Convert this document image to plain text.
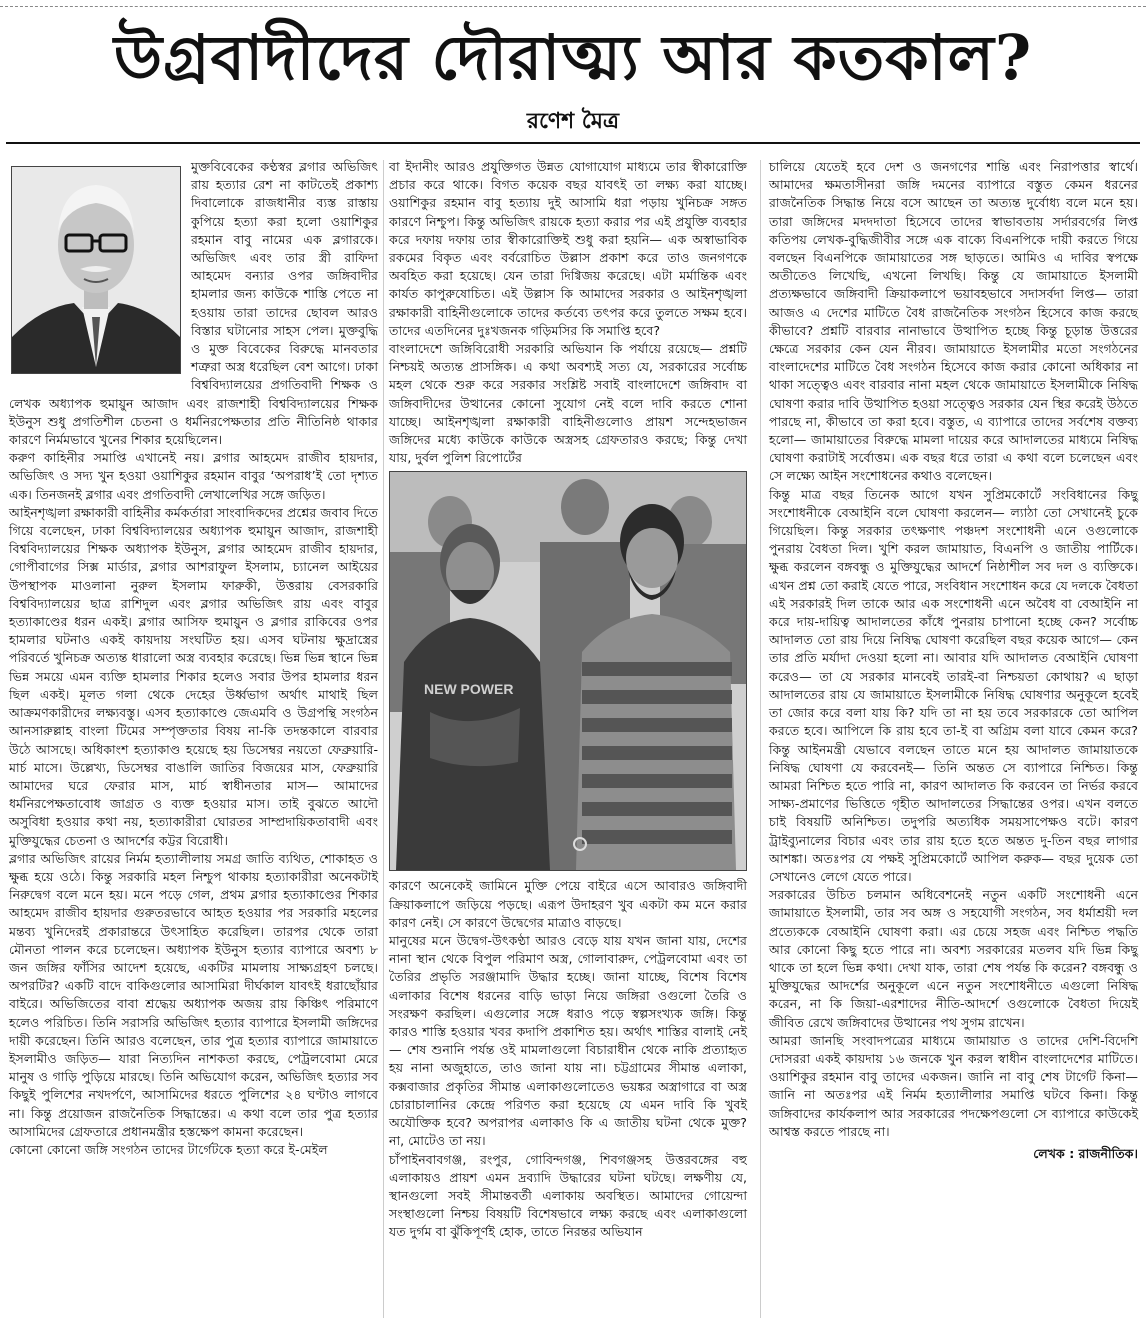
উগ্রবাদীদের দৌরাত্ম্য আর কতকাল?
রণেশ মৈত্র

মুক্তবিবেকের কণ্ঠস্বর ব্লগার অভিজিৎ রায় হত্যার রেশ না কাটতেই প্রকাশ্য দিবালোকে রাজধানীর ব্যস্ত রাস্তায় কুপিয়ে হত্যা করা হলো ওয়াশিকুর রহমান বাবু নামের এক ব্লগারকে। অভিজিৎ এবং তার স্ত্রী রাফিদা আহমেদ বন্যার ওপর জঙ্গিবাদীর হামলার জন্য কাউকে শাস্তি পেতে না হওয়ায় তারা তাদের ছোবল আরও বিস্তার ঘটানোর সাহস পেল। মুক্তবুদ্ধি ও মুক্ত বিবেকের বিরুদ্ধে মানবতার শত্রুরা অস্ত্র ধরেছিল বেশ আগে। ঢাকা বিশ্ববিদ্যালয়ের প্রগতিবাদী শিক্ষক ও লেখক অধ্যাপক হুমায়ুন আজাদ এবং রাজশাহী বিশ্ববিদ্যালয়ের শিক্ষক ইউনুস শুধু প্রগতিশীল চেতনা ও ধর্মনিরপেক্ষতার প্রতি নীতিনিষ্ঠ থাকার কারণে নির্মমভাবে খুনের শিকার হয়েছিলেন।

করুণ কাহিনীর সমাপ্তি এখানেই নয়। ব্লগার আহমেদ রাজীব হায়দার, অভিজিৎ ও সদ্য খুন হওয়া ওয়াশিকুর রহমান বাবুর ‘অপরাধ’ই তো দৃশ্যত এক। তিনজনই ব্লগার এবং প্রগতিবাদী লেখালেখির সঙ্গে জড়িত।

আইনশৃঙ্খলা রক্ষাকারী বাহিনীর কর্মকর্তারা সাংবাদিকদের প্রশ্নের জবাব দিতে গিয়ে বলেছেন, ঢাকা বিশ্ববিদ্যালয়ের অধ্যাপক হুমায়ুন আজাদ, রাজশাহী বিশ্ববিদ্যালয়ের শিক্ষক অধ্যাপক ইউনুস, ব্লগার আহমেদ রাজীব হায়দার, গোপীবাগের সিক্স মার্ডার, ব্লগার আশরাফুল ইসলাম, চ্যানেল আইয়ের উপস্থাপক মাওলানা নুরুল ইসলাম ফারুকী, উত্তরায় বেসরকারি বিশ্ববিদ্যালয়ের ছাত্র রাশিদুল এবং ব্লগার অভিজিৎ রায় এবং বাবুর হত্যাকাণ্ডের ধরন একই। ব্লগার আসিফ হুমায়ুন ও ব্লগার রাকিবের ওপর হামলার ঘটনাও একই কায়দায় সংঘটিত হয়। এসব ঘটনায় ক্ষুদ্রাস্ত্রের পরিবর্তে খুনিচক্র অত্যন্ত ধারালো অস্ত্র ব্যবহার করেছে। ভিন্ন ভিন্ন স্থানে ভিন্ন ভিন্ন সময়ে এমন ব্যক্তি হামলার শিকার হলেও সবার উপর হামলার ধরন ছিল একই। মূলত গলা থেকে দেহের উর্ধ্বভাগ অর্থাৎ মাথাই ছিল আক্রমণকারীদের লক্ষ্যবস্তু। এসব হত্যাকাণ্ডে জেএমবি ও উগ্রপন্থি সংগঠন আনসারুল্লাহ বাংলা টিমের সম্পৃক্ততার বিষয় না-কি তদন্তকালে বারবার উঠে আসছে। অধিকাংশ হত্যাকাণ্ড হয়েছে হয় ডিসেম্বর নয়তো ফেব্রুয়ারি-মার্চ মাসে। উল্লেখ্য, ডিসেম্বর বাঙালি জাতির বিজয়ের মাস, ফেব্রুয়ারি আমাদের ঘরে ফেরার মাস, মার্চ স্বাধীনতার মাস— আমাদের ধর্মনিরপেক্ষতাবোধ জাগ্রত ও ব্যক্ত হওয়ার মাস। তাই বুঝতে আদৌ অসুবিধা হওয়ার কথা নয়, হত্যাকারীরা ঘোরতর সাম্প্রদায়িকতাবাদী এবং মুক্তিযুদ্ধের চেতনা ও আদর্শের কট্টর বিরোধী।

ব্লগার অভিজিৎ রায়ের নির্মম হত্যালীলায় সমগ্র জাতি ব্যথিত, শোকাহত ও ক্ষুব্ধ হয়ে ওঠে। কিন্তু সরকারি মহল নিশ্চুপ থাকায় হত্যাকারীরা অনেকটাই নিরুদ্বেগ বলে মনে হয়। মনে পড়ে গেল, প্রথম ব্লগার হত্যাকাণ্ডের শিকার আহমেদ রাজীব হায়দার গুরুতরভাবে আহত হওয়ার পর সরকারি মহলের মন্তব্য খুনিদেরই প্রকারান্তরে উৎসাহিত করেছিল। তারপর থেকে তারা মৌনতা পালন করে চলেছেন। অধ্যাপক ইউনুস হত্যার ব্যাপারে অবশ্য ৮ জন জঙ্গির ফাঁসির আদেশ হয়েছে, একটির মামলায় সাক্ষ্যগ্রহণ চলছে। অপরটির? একটি বাদে বাকিগুলোর আসামিরা দীর্ঘকাল যাবৎই ধরাছোঁয়ার বাইরে। অভিজিতের বাবা শ্রদ্ধেয় অধ্যাপক অজয় রায় কিঞ্চিৎ পরিমাণে হলেও পরিচিত। তিনি সরাসরি অভিজিৎ হত্যার ব্যাপারে ইসলামী জঙ্গিদের দায়ী করেছেন। তিনি আরও বলেছেন, তার পুত্র হত্যার ব্যাপারে জামায়াতে ইসলামীও জড়িত— যারা নিত্যদিন নাশকতা করছে, পেট্রলবোমা মেরে মানুষ ও গাড়ি পুড়িয়ে মারছে। তিনি অভিযোগ করেন, অভিজিৎ হত্যার সব কিছুই পুলিশের নখদর্পণে, আসামিদের ধরতে পুলিশের ২৪ ঘণ্টাও লাগবে না। কিন্তু প্রয়োজন রাজনৈতিক সিদ্ধান্তের। এ কথা বলে তার পুত্র হত্যার আসামিদের গ্রেফতারে প্রধানমন্ত্রীর হস্তক্ষেপ কামনা করেছেন।

কোনো কোনো জঙ্গি সংগঠন তাদের টার্গেটকে হত্যা করে ই-মেইল

বা ইদানীং আরও প্রযুক্তিগত উন্নত যোগাযোগ মাধ্যমে তার স্বীকারোক্তি প্রচার করে থাকে। বিগত কয়েক বছর যাবৎই তা লক্ষ্য করা যাচ্ছে। ওয়াশিকুর রহমান বাবু হত্যায় দুই আসামি ধরা পড়ায় খুনিচক্র সঙ্গত কারণে নিশ্চুপ। কিন্তু অভিজিৎ রায়কে হত্যা করার পর এই প্রযুক্তি ব্যবহার করে দফায় দফায় তার স্বীকারোক্তিই শুধু করা হয়নি— এক অস্বাভাবিক রকমের বিকৃত এবং বর্বরোচিত উল্লাস প্রকাশ করে তাও জনগণকে অবহিত করা হয়েছে। যেন তারা দিগ্বিজয় করেছে। এটা মর্মান্তিক এবং কার্যত কাপুরুষোচিত। এই উল্লাস কি আমাদের সরকার ও আইনশৃঙ্খলা রক্ষাকারী বাহিনীগুলোকে তাদের কর্তব্যে তৎপর করে তুলতে সক্ষম হবে। তাদের এতদিনের দুঃখজনক গড়িমসির কি সমাপ্তি হবে?

বাংলাদেশে জঙ্গিবিরোধী সরকারি অভিযান কি পর্যায়ে রয়েছে— প্রশ্নটি নিশ্চয়ই অত্যন্ত প্রাসঙ্গিক। এ কথা অবশ্যই সত্য যে, সরকারের সর্বোচ্চ মহল থেকে শুরু করে সরকার সংশ্লিষ্ট সবাই বাংলাদেশে জঙ্গিবাদ বা জঙ্গিবাদীদের উত্থানের কোনো সুযোগ নেই বলে দাবি করতে শোনা যাচ্ছে। আইনশৃঙ্খলা রক্ষাকারী বাহিনীগুলোও প্রায়শ সন্দেহভাজন জঙ্গিদের মধ্যে কাউকে কাউকে অস্ত্রসহ গ্রেফতারও করছে; কিন্তু দেখা যায়, দুর্বল পুলিশ রিপোর্টের

NEW POWER

কারণে অনেকেই জামিনে মুক্তি পেয়ে বাইরে এসে আবারও জঙ্গিবাদী ক্রিয়াকলাপে জড়িয়ে পড়ছে। এরূপ উদাহরণ খুব একটা কম মনে করার কারণ নেই। সে কারণে উদ্বেগের মাত্রাও বাড়ছে।

মানুষের মনে উদ্বেগ-উৎকণ্ঠা আরও বেড়ে যায় যখন জানা যায়, দেশের নানা স্থান থেকে বিপুল পরিমাণ অস্ত্র, গোলাবারুদ, পেট্রলবোমা এবং তা তৈরির প্রভৃতি সরঞ্জামাদি উদ্ধার হচ্ছে। জানা যাচ্ছে, বিশেষ বিশেষ এলাকার বিশেষ ধরনের বাড়ি ভাড়া নিয়ে জঙ্গিরা ওগুলো তৈরি ও সংরক্ষণ করছিল। এগুলোর সঙ্গে ধরাও পড়ে স্বল্পসংখ্যক জঙ্গি। কিন্তু কারও শাস্তি হওয়ার খবর কদাপি প্রকাশিত হয়। অর্থাৎ শাস্তির বালাই নেই— শেষ শুনানি পর্যন্ত ওই মামলাগুলো বিচারাধীন থেকে নাকি প্রত্যাহৃত হয় নানা অজুহাতে, তাও জানা যায় না। চট্টগ্রামের সীমান্ত এলাকা, কক্সবাজার প্রকৃতির সীমান্ত এলাকাগুলোতেও ভয়ঙ্কর অস্ত্রাগারে বা অস্ত্র চোরাচালানির কেন্দ্রে পরিণত করা হয়েছে যে এমন দাবি কি খুবই অযৌক্তিক হবে? অপরাপর এলাকাও কি এ জাতীয় ঘটনা থেকে মুক্ত? না, মোটেও তা নয়।

চাঁপাইনবাবগঞ্জ, রংপুর, গোবিন্দগঞ্জ, শিবগঞ্জসহ উত্তরবঙ্গের বহু এলাকায়ও প্রায়শ এমন দ্রব্যাদি উদ্ধারের ঘটনা ঘটছে। লক্ষণীয় যে, স্থানগুলো সবই সীমান্তবর্তী এলাকায় অবস্থিত। আমাদের গোয়েন্দা সংস্থাগুলো নিশ্চয় বিষয়টি বিশেষভাবে লক্ষ্য করছে এবং এলাকাগুলো যত দুর্গম বা ঝুঁকিপূর্ণই হোক, তাতে নিরন্তর অভিযান

চালিয়ে যেতেই হবে দেশ ও জনগণের শান্তি এবং নিরাপত্তার স্বার্থে। আমাদের ক্ষমতাসীনরা জঙ্গি দমনের ব্যাপারে বস্তুত কেমন ধরনের রাজনৈতিক সিদ্ধান্ত নিয়ে বসে আছেন তা অত্যন্ত দুর্বোধ্য বলে মনে হয়। তারা জঙ্গিদের মদদদাতা হিসেবে তাদের স্বাভাবতায় সর্দারবর্গের লিপ্ত কতিপয় লেখক-বুদ্ধিজীবীর সঙ্গে এক বাক্যে বিএনপিকে দায়ী করতে গিয়ে বলছেন বিএনপিকে জামায়াতের সঙ্গ ছাড়তে। আমিও এ দাবির স্বপক্ষে অতীতেও লিখেছি, এখনো লিখছি। কিন্তু যে জামায়াতে ইসলামী প্রত্যক্ষভাবে জঙ্গিবাদী ক্রিয়াকলাপে ভয়াবহভাবে সদাসর্বদা লিপ্ত— তারা আজও এ দেশের মাটিতে বৈধ রাজনৈতিক সংগঠন হিসেবে কাজ করছে কীভাবে? প্রশ্নটি বারবার নানাভাবে উত্থাপিত হচ্ছে কিন্তু চূড়ান্ত উত্তরের ক্ষেত্রে সরকার কেন যেন নীরব। জামায়াতে ইসলামীর মতো সংগঠনের বাংলাদেশের মাটিতে বৈধ সংগঠন হিসেবে কাজ করার কোনো অধিকার না থাকা সত্ত্বেও এবং বারবার নানা মহল থেকে জামায়াতে ইসলামীকে নিষিদ্ধ ঘোষণা করার দাবি উত্থাপিত হওয়া সত্ত্বেও সরকার যেন স্থির করেই উঠতে পারছে না, কীভাবে তা করা হবে। বস্তুত, এ ব্যাপারে তাদের সর্বশেষ বক্তব্য হলো— জামায়াতের বিরুদ্ধে মামলা দায়ের করে আদালতের মাধ্যমে নিষিদ্ধ ঘোষণা করাটাই সর্বোত্তম। এক বছর ধরে তারা এ কথা বলে চলেছেন এবং সে লক্ষ্যে আইন সংশোধনের কথাও বলেছেন।

কিন্তু মাত্র বছর তিনেক আগে যখন সুপ্রিমকোর্টে সংবিধানের কিছু সংশোধনীকে বেআইনি বলে ঘোষণা করলেন— ল্যাঠা তো সেখানেই চুকে গিয়েছিল। কিন্তু সরকার তৎক্ষণাৎ পঞ্চদশ সংশোধনী এনে ওগুলোকে পুনরায় বৈধতা দিল। খুশি করল জামায়াত, বিএনপি ও জাতীয় পার্টিকে। ক্ষুব্ধ করলেন বঙ্গবন্ধু ও মুক্তিযুদ্ধের আদর্শে নিষ্ঠাশীল সব দল ও ব্যক্তিকে। এখন প্রশ্ন তো করাই যেতে পারে, সংবিধান সংশোধন করে যে দলকে বৈধতা এই সরকারই দিল তাকে আর এক সংশোধনী এনে অবৈধ বা বেআইনি না করে দায়-দায়িত্ব আদালতের কাঁধে পুনরায় চাপানো হচ্ছে কেন? সর্বোচ্চ আদালত তো রায় দিয়ে নিষিদ্ধ ঘোষণা করেছিল বছর কয়েক আগে— কেন তার প্রতি মর্যাদা দেওয়া হলো না। আবার যদি আদালত বেআইনি ঘোষণা করেও— তা যে সরকার মানবেই তারই-বা নিশ্চয়তা কোথায়? এ ছাড়া আদালতের রায় যে জামায়াতে ইসলামীকে নিষিদ্ধ ঘোষণার অনুকূলে হবেই তা জোর করে বলা যায় কি? যদি তা না হয় তবে সরকারকে তো আপিল করতে হবে। আপিলে কি রায় হবে তা-ই বা অগ্রিম বলা যাবে কেমন করে? কিন্তু আইনমন্ত্রী যেভাবে বলছেন তাতে মনে হয় আদালত জামায়াতকে নিষিদ্ধ ঘোষণা যে করবেনই— তিনি অন্তত সে ব্যাপারে নিশ্চিত। কিন্তু আমরা নিশ্চিত হতে পারি না, কারণ আদালত কি করবেন তা নির্ভর করবে সাক্ষ্য-প্রমাণের ভিত্তিতে গৃহীত আদালতের সিদ্ধান্তের ওপর। এখন বলতে চাই বিষয়টি অনিশ্চিত। তদুপরি অত্যধিক সময়সাপেক্ষও বটে। কারণ ট্রাইব্যুনালের বিচার এবং তার রায় হতে হতে অন্তত দু-তিন বছর লাগার আশঙ্কা। অতঃপর যে পক্ষই সুপ্রিমকোর্টে আপিল করুক— বছর দুয়েক তো সেখানেও লেগে যেতে পারে।

সরকারের উচিত চলমান অধিবেশনেই নতুন একটি সংশোধনী এনে জামায়াতে ইসলামী, তার সব অঙ্গ ও সহযোগী সংগঠন, সব ধর্মাশ্রয়ী দল প্রত্যেককে বেআইনি ঘোষণা করা। এর চেয়ে সহজ এবং নিশ্চিত পদ্ধতি আর কোনো কিছু হতে পারে না। অবশ্য সরকারের মতলব যদি ভিন্ন কিছু থাকে তা হলে ভিন্ন কথা। দেখা যাক, তারা শেষ পর্যন্ত কি করেন? বঙ্গবন্ধু ও মুক্তিযুদ্ধের আদর্শের অনুকূলে এনে নতুন সংশোধনীতে এগুলো নিষিদ্ধ করেন, না কি জিয়া-এরশাদের নীতি-আদর্শে ওগুলোকে বৈধতা দিয়েই জীবিত রেখে জঙ্গিবাদের উত্থানের পথ সুগম রাখেন।

আমরা জানছি সংবাদপত্রের মাধ্যমে জামায়াত ও তাদের দেশি-বিদেশি দোসররা একই কায়দায় ১৬ জনকে খুন করল স্বাধীন বাংলাদেশের মাটিতে। ওয়াশিকুর রহমান বাবু তাদের একজন। জানি না বাবু শেষ টার্গেট কিনা— জানি না অতঃপর এই নির্মম হত্যালীলার সমাপ্তি ঘটবে কিনা। কিন্তু জঙ্গিবাদের কার্যকলাপ আর সরকারের পদক্ষেপগুলো সে ব্যাপারে কাউকেই আশ্বস্ত করতে পারছে না।

লেখক : রাজনীতিক।
